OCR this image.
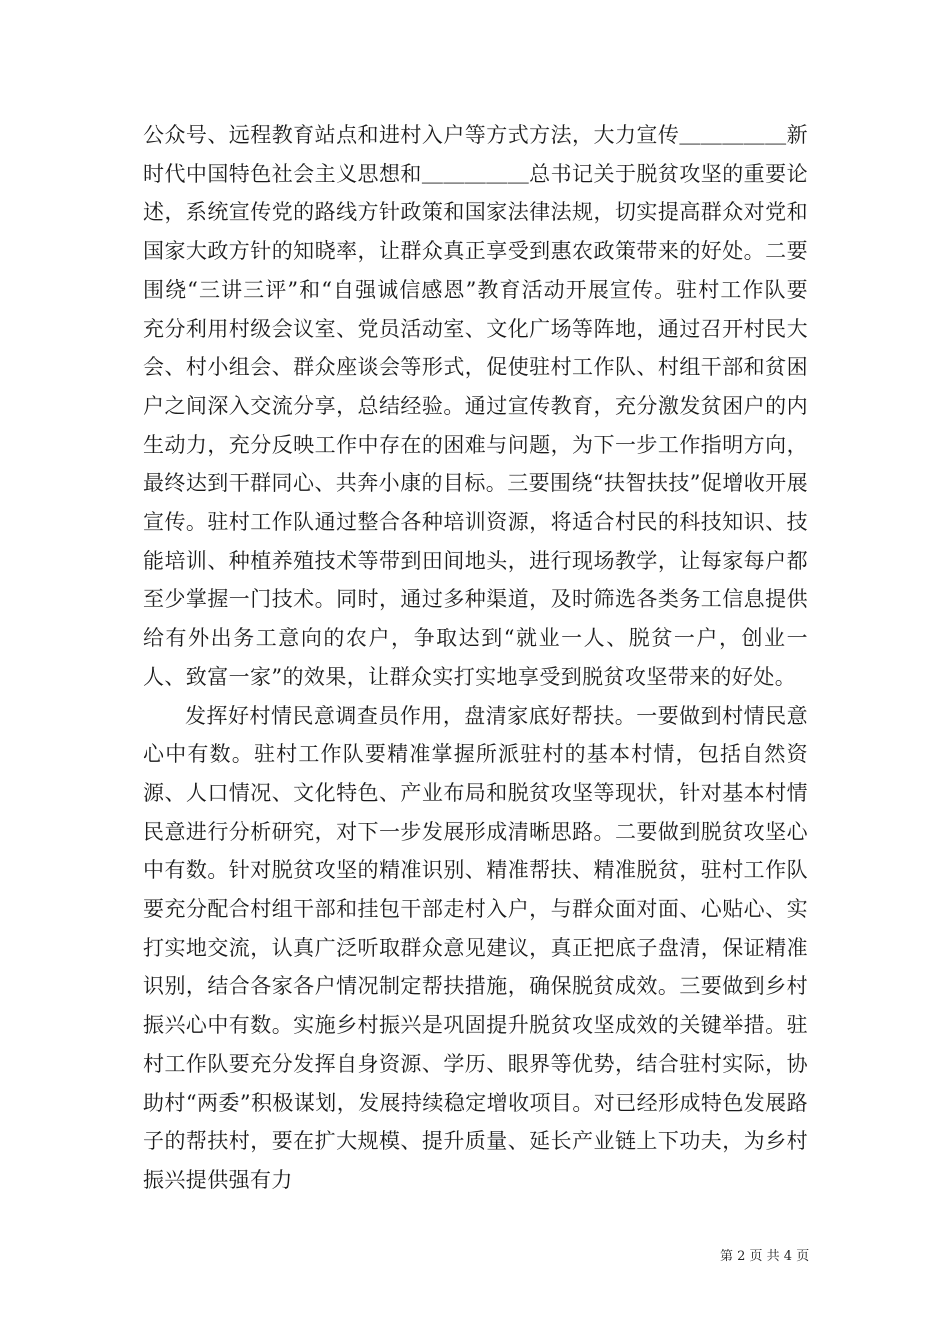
公众号、远程教育站点和进村入户等方式方法，大力宣传＿＿＿＿＿新时代中国特色社会主义思想和＿＿＿＿＿总书记关于脱贫攻坚的重要论述，系统宣传党的路线方针政策和国家法律法规，切实提高群众对党和国家大政方针的知晓率，让群众真正享受到惠农政策带来的好处。二要围绕“三讲三评”和“自强诚信感恩”教育活动开展宣传。驻村工作队要充分利用村级会议室、党员活动室、文化广场等阵地，通过召开村民大会、村小组会、群众座谈会等形式，促使驻村工作队、村组干部和贫困户之间深入交流分享，总结经验。通过宣传教育，充分激发贫困户的内生动力，充分反映工作中存在的困难与问题，为下一步工作指明方向，最终达到干群同心、共奔小康的目标。三要围绕“扶智扶技”促增收开展宣传。驻村工作队通过整合各种培训资源，将适合村民的科技知识、技能培训、种植养殖技术等带到田间地头，进行现场教学，让每家每户都至少掌握一门技术。同时，通过多种渠道，及时筛选各类务工信息提供给有外出务工意向的农户，争取达到“就业一人、脱贫一户，创业一人、致富一家”的效果，让群众实打实地享受到脱贫攻坚带来的好处。

发挥好村情民意调查员作用，盘清家底好帮扶。一要做到村情民意心中有数。驻村工作队要精准掌握所派驻村的基本村情，包括自然资源、人口情况、文化特色、产业布局和脱贫攻坚等现状，针对基本村情民意进行分析研究，对下一步发展形成清晰思路。二要做到脱贫攻坚心中有数。针对脱贫攻坚的精准识别、精准帮扶、精准脱贫，驻村工作队要充分配合村组干部和挂包干部走村入户，与群众面对面、心贴心、实打实地交流，认真广泛听取群众意见建议，真正把底子盘清，保证精准识别，结合各家各户情况制定帮扶措施，确保脱贫成效。三要做到乡村振兴心中有数。实施乡村振兴是巩固提升脱贫攻坚成效的关键举措。驻村工作队要充分发挥自身资源、学历、眼界等优势，结合驻村实际，协助村“两委”积极谋划，发展持续稳定增收项目。对已经形成特色发展路子的帮扶村，要在扩大规模、提升质量、延长产业链上下功夫，为乡村振兴提供强有力

第 2 页 共 4 页
